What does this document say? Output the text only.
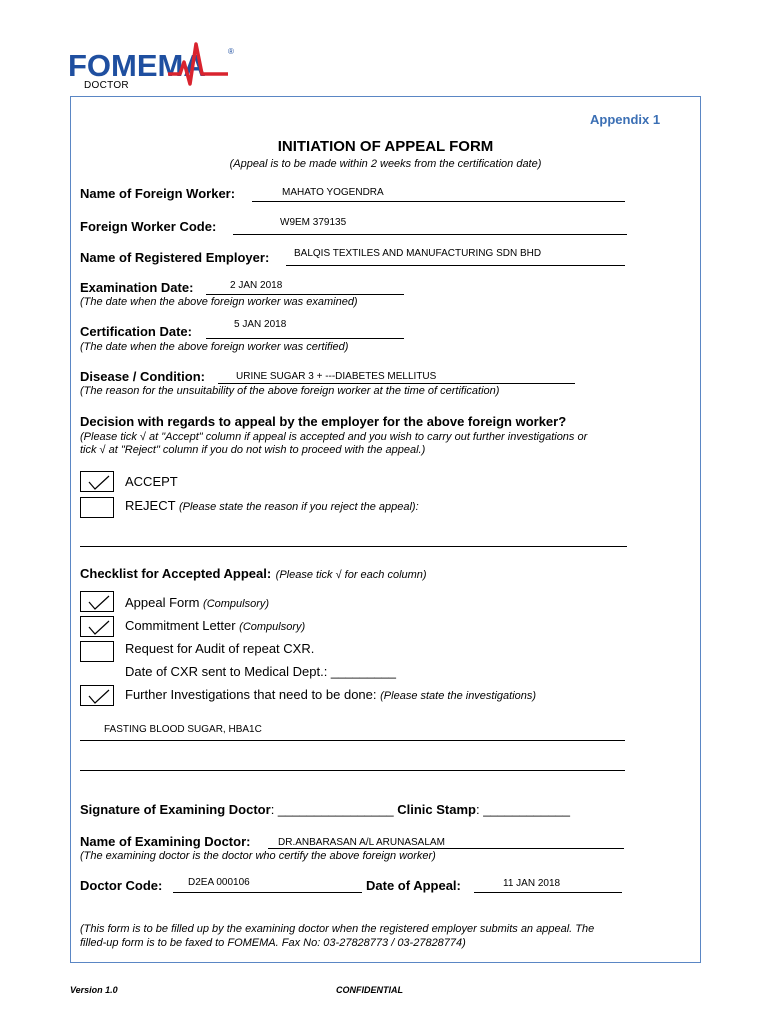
FOMEMA	®
DOCTOR
Appendix 1
INITIATION OF APPEAL FORM
(Appeal is to be made within 2 weeks from the certification date)
Name of Foreign Worker:	MAHATO YOGENDRA
Foreign Worker Code:	W9EM 379135
Name of Registered Employer: BALQIS TEXTILES AND MANUFACTURING SDN BHD
Examination Date:	2 JAN 2018
(The date when the above foreign worker was examined)
Certification Date:	5 JAN 2018
(The date when the above foreign worker was certified)
Disease / Condition:	URINE SUGAR 3 + ---DIABETES MELLITUS
(The reason for the unsuitability of the above foreign worker at the time of certification)
Decision with regards to appeal by the employer for the above foreign worker?
(Please tick √ at "Accept" column if appeal is accepted and you wish to carry out further investigations or
tick √ at "Reject" column if you do not wish to proceed with the appeal.)
ACCEPT
REJECT (Please state the reason if you reject the appeal):
Checklist for Accepted Appeal: (Please tick √ for each column)
Appeal Form (Compulsory)
Commitment Letter (Compulsory)
Request for Audit of repeat CXR.
Date of CXR sent to Medical Dept.: _________
Further Investigations that need to be done: (Please state the investigations)
FASTING BLOOD SUGAR, HBA1C
Signature of Examining Doctor: ________________ Clinic Stamp: ____________
Name of Examining Doctor:	DR.ANBARASAN A/L ARUNASALAM
(The examining doctor is the doctor who certify the above foreign worker)
Doctor Code:	D2EA 000106	Date of Appeal:	11 JAN 2018
(This form is to be filled up by the examining doctor when the registered employer submits an appeal. The
filled-up form is to be faxed to FOMEMA. Fax No: 03-27828773 / 03-27828774)
Version 1.0	CONFIDENTIAL
